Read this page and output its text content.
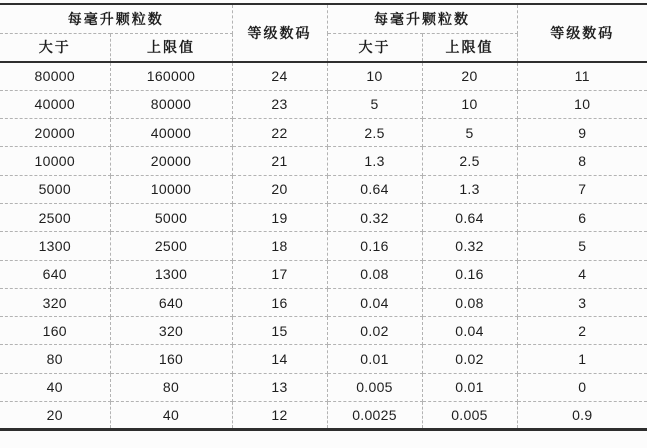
每毫升颗粒数		等级数码	每毫升颗粒数		等级数码
大于	上限值		大于	上限值	
80000	160000	24	10	20	11
40000	80000	23	5	10	10
20000	40000	22	2.5	5	9
10000	20000	21	1.3	2.5	8
5000	10000	20	0.64	1.3	7
2500	5000	19	0.32	0.64	6
1300	2500	18	0.16	0.32	5
640	1300	17	0.08	0.16	4
320	640	16	0.04	0.08	3
160	320	15	0.02	0.04	2
80	160	14	0.01	0.02	1
40	80	13	0.005	0.01	0
20	40	12	0.0025	0.005	0.9
